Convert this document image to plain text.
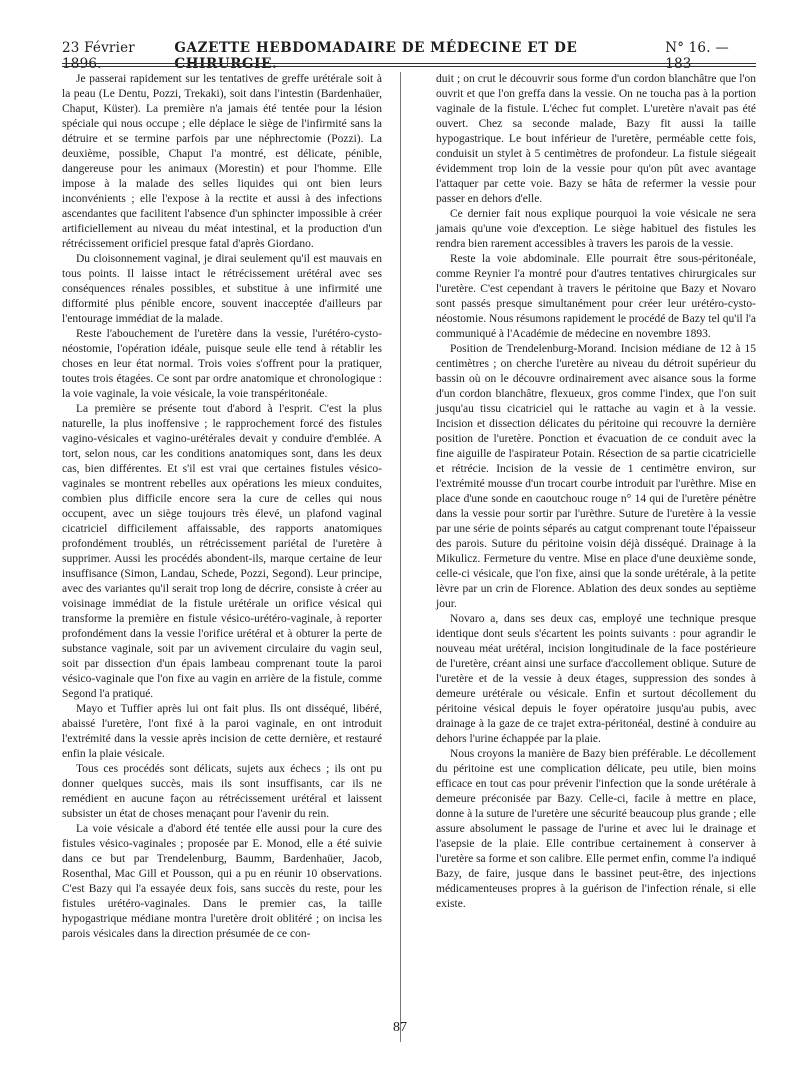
23 Février 1896.
GAZETTE HEBDOMADAIRE DE MÉDECINE ET DE CHIRURGIE.
N° 16. — 183

Je passerai rapidement sur les tentatives de greffe urétérale soit à la peau (Le Dentu, Pozzi, Trekaki), soit dans l'intestin (Bardenhaüer, Chaput, Küster). La première n'a jamais été tentée pour la lésion spéciale qui nous occupe ; elle déplace le siège de l'infirmité sans la détruire et se termine parfois par une néphrectomie (Pozzi). La deuxième, possible, Chaput l'a montré, est délicate, pénible, dangereuse pour les animaux (Morestin) et pour l'homme. Elle impose à la malade des selles liquides qui ont bien leurs inconvénients ; elle l'expose à la rectite et aussi à des infections ascendantes que facilitent l'absence d'un sphincter impossible à créer artificiellement au niveau du méat intestinal, et la production d'un rétrécissement orificiel presque fatal d'après Giordano.

Du cloisonnement vaginal, je dirai seulement qu'il est mauvais en tous points. Il laisse intact le rétrécissement urétéral avec ses conséquences rénales possibles, et substitue à une infirmité une difformité plus pénible encore, souvent inacceptée d'ailleurs par l'entourage immédiat de la malade.

Reste l'abouchement de l'uretère dans la vessie, l'urétéro-cysto-néostomie, l'opération idéale, puisque seule elle tend à rétablir les choses en leur état normal. Trois voies s'offrent pour la pratiquer, toutes trois étagées. Ce sont par ordre anatomique et chronologique : la voie vaginale, la voie vésicale, la voie transpéritonéale.

La première se présente tout d'abord à l'esprit. C'est la plus naturelle, la plus inoffensive ; le rapprochement forcé des fistules vagino-vésicales et vagino-urétérales devait y conduire d'emblée. A tort, selon nous, car les conditions anatomiques sont, dans les deux cas, bien différentes. Et s'il est vrai que certaines fistules vésico-vaginales se montrent rebelles aux opérations les mieux conduites, combien plus difficile encore sera la cure de celles qui nous occupent, avec un siège toujours très élevé, un plafond vaginal cicatriciel difficilement affaissable, des rapports anatomiques profondément troublés, un rétrécissement pariétal de l'uretère à supprimer. Aussi les procédés abondent-ils, marque certaine de leur insuffisance (Simon, Landau, Schede, Pozzi, Segond). Leur principe, avec des variantes qu'il serait trop long de décrire, consiste à créer au voisinage immédiat de la fistule urétérale un orifice vésical qui transforme la première en fistule vésico-urétéro-vaginale, à reporter profondément dans la vessie l'orifice urétéral et à obturer la perte de substance vaginale, soit par un avivement circulaire du vagin seul, soit par dissection d'un épais lambeau comprenant toute la paroi vésico-vaginale que l'on fixe au vagin en arrière de la fistule, comme Segond l'a pratiqué.

Mayo et Tuffier après lui ont fait plus. Ils ont disséqué, libéré, abaissé l'uretère, l'ont fixé à la paroi vaginale, en ont introduit l'extrémité dans la vessie après incision de cette dernière, et restauré enfin la plaie vésicale.

Tous ces procédés sont délicats, sujets aux échecs ; ils ont pu donner quelques succès, mais ils sont insuffisants, car ils ne remédient en aucune façon au rétrécissement urétéral et laissent subsister un état de choses menaçant pour l'avenir du rein.

La voie vésicale a d'abord été tentée elle aussi pour la cure des fistules vésico-vaginales ; proposée par E. Monod, elle a été suivie dans ce but par Trendelenburg, Baumm, Bardenhaüer, Jacob, Rosenthal, Mac Gill et Pousson, qui a pu en réunir 10 observations. C'est Bazy qui l'a essayée deux fois, sans succès du reste, pour les fistules urétéro-vaginales. Dans le premier cas, la taille hypogastrique médiane montra l'uretère droit oblitéré ; on incisa les parois vésicales dans la direction présumée de ce con-

duit ; on crut le découvrir sous forme d'un cordon blanchâtre que l'on ouvrit et que l'on greffa dans la vessie. On ne toucha pas à la portion vaginale de la fistule. L'échec fut complet. L'uretère n'avait pas été ouvert. Chez sa seconde malade, Bazy fit aussi la taille hypogastrique. Le bout inférieur de l'uretère, perméable cette fois, conduisit un stylet à 5 centimètres de profondeur. La fistule siégeait évidemment trop loin de la vessie pour qu'on pût avec avantage l'attaquer par cette voie. Bazy se hâta de refermer la vessie pour passer en dehors d'elle.

Ce dernier fait nous explique pourquoi la voie vésicale ne sera jamais qu'une voie d'exception. Le siège habituel des fistules les rendra bien rarement accessibles à travers les parois de la vessie.

Reste la voie abdominale. Elle pourrait être sous-péritonéale, comme Reynier l'a montré pour d'autres tentatives chirurgicales sur l'uretère. C'est cependant à travers le péritoine que Bazy et Novaro sont passés presque simultanément pour créer leur urétéro-cysto-néostomie. Nous résumons rapidement le procédé de Bazy tel qu'il l'a communiqué à l'Académie de médecine en novembre 1893.

Position de Trendelenburg-Morand. Incision médiane de 12 à 15 centimètres ; on cherche l'uretère au niveau du détroit supérieur du bassin où on le découvre ordinairement avec aisance sous la forme d'un cordon blanchâtre, flexueux, gros comme l'index, que l'on suit jusqu'au tissu cicatriciel qui le rattache au vagin et à la vessie. Incision et dissection délicates du péritoine qui recouvre la dernière position de l'uretère. Ponction et évacuation de ce conduit avec la fine aiguille de l'aspirateur Potain. Résection de sa partie cicatricielle et rétrécie. Incision de la vessie de 1 centimètre environ, sur l'extrémité mousse d'un trocart courbe introduit par l'urèthre. Mise en place d'une sonde en caoutchouc rouge n° 14 qui de l'uretère pénètre dans la vessie pour sortir par l'urèthre. Suture de l'uretère à la vessie par une série de points séparés au catgut comprenant toute l'épaisseur des parois. Suture du péritoine voisin déjà disséqué. Drainage à la Mikulicz. Fermeture du ventre. Mise en place d'une deuxième sonde, celle-ci vésicale, que l'on fixe, ainsi que la sonde urétérale, à la petite lèvre par un crin de Florence. Ablation des deux sondes au septième jour.

Novaro a, dans ses deux cas, employé une technique presque identique dont seuls s'écartent les points suivants : pour agrandir le nouveau méat urétéral, incision longitudinale de la face postérieure de l'uretère, créant ainsi une surface d'accollement oblique. Suture de l'uretère et de la vessie à deux étages, suppression des sondes à demeure urétérale ou vésicale. Enfin et surtout décollement du péritoine vésical depuis le foyer opératoire jusqu'au pubis, avec drainage à la gaze de ce trajet extra-péritonéal, destiné à conduire au dehors l'urine échappée par la plaie.

Nous croyons la manière de Bazy bien préférable. Le décollement du péritoine est une complication délicate, peu utile, bien moins efficace en tout cas pour prévenir l'infection que la sonde urétérale à demeure préconisée par Bazy. Celle-ci, facile à mettre en place, donne à la suture de l'uretère une sécurité beaucoup plus grande ; elle assure absolument le passage de l'urine et avec lui le drainage et l'asepsie de la plaie. Elle contribue certainement à conserver à l'uretère sa forme et son calibre. Elle permet enfin, comme l'a indiqué Bazy, de faire, jusque dans le bassinet peut-être, des injections médicamenteuses propres à la guérison de l'infection rénale, si elle existe.

87
